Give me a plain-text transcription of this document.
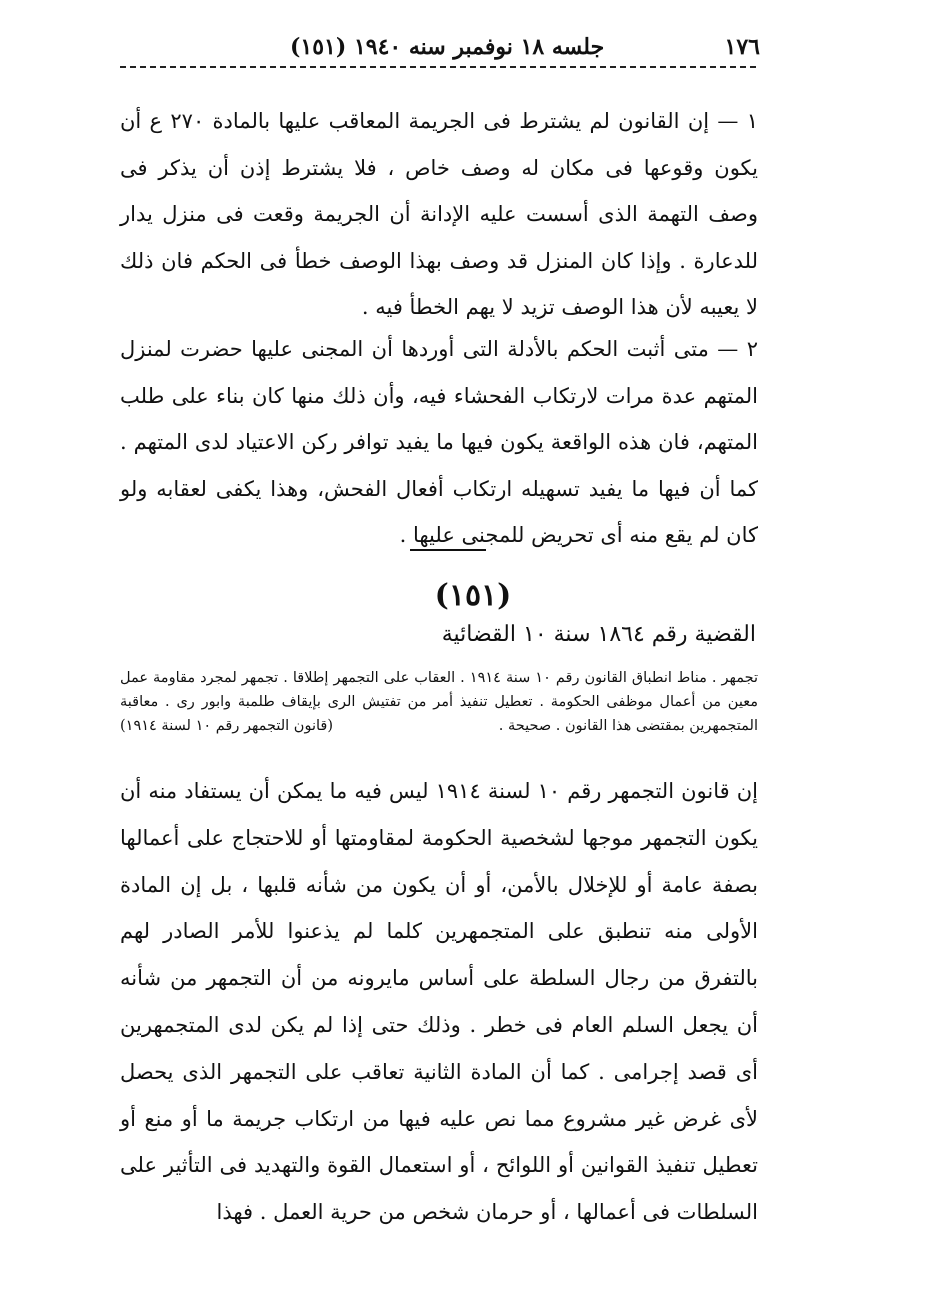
١٧٦
جلسه ١٨ نوفمبر سنه ١٩٤٠ (١٥١)
١ — إن القانون لم يشترط فى الجريمة المعاقب عليها بالمادة ٢٧٠ ع أن يكون وقوعها فى مكان له وصف خاص ، فلا يشترط إذن أن يذكر فى وصف التهمة الذى أسست عليه الإدانة أن الجريمة وقعت فى منزل يدار للدعارة . وإذا كان المنزل قد وصف بهذا الوصف خطأ فى الحكم فان ذلك لا يعيبه لأن هذا الوصف تزيد لا يهم الخطأ فيه .
٢ — متى أثبت الحكم بالأدلة التى أوردها أن المجنى عليها حضرت لمنزل المتهم عدة مرات لارتكاب الفحشاء فيه، وأن ذلك منها كان بناء على طلب المتهم، فان هذه الواقعة يكون فيها ما يفيد توافر ركن الاعتياد لدى المتهم . كما أن فيها ما يفيد تسهيله ارتكاب أفعال الفحش، وهذا يكفى لعقابه ولو كان لم يقع منه أى تحريض للمجنى عليها .
(١٥١)
القضية رقم ١٨٦٤ سنة ١٠ القضائية
تجمهر . مناط انطباق القانون رقم ١٠ سنة ١٩١٤ . العقاب على التجمهر إطلاقا . تجمهر لمجرد مقاومة عمل معين من أعمال موظفى الحكومة . تعطيل تنفيذ أمر من تفتيش الرى بإيقاف طلمبة وابور رى . معاقبة المتجمهرين بمقتضى هذا القانون . صحيحة .
(قانون التجمهر رقم ١٠ لسنة ١٩١٤)
إن قانون التجمهر رقم ١٠ لسنة ١٩١٤ ليس فيه ما يمكن أن يستفاد منه أن يكون التجمهر موجها لشخصية الحكومة لمقاومتها أو للاحتجاج على أعمالها بصفة عامة أو للإخلال بالأمن، أو أن يكون من شأنه قلبها ، بل إن المادة الأولى منه تنطبق على المتجمهرين كلما لم يذعنوا للأمر الصادر لهم بالتفرق من رجال السلطة على أساس مايرونه من أن التجمهر من شأنه أن يجعل السلم العام فى خطر . وذلك حتى إذا لم يكن لدى المتجمهرين أى قصد إجرامى . كما أن المادة الثانية تعاقب على التجمهر الذى يحصل لأى غرض غير مشروع مما نص عليه فيها من ارتكاب جريمة ما أو منع أو تعطيل تنفيذ القوانين أو اللوائح ، أو استعمال القوة والتهديد فى التأثير على السلطات فى أعمالها ، أو حرمان شخص من حرية العمل . فهذا
